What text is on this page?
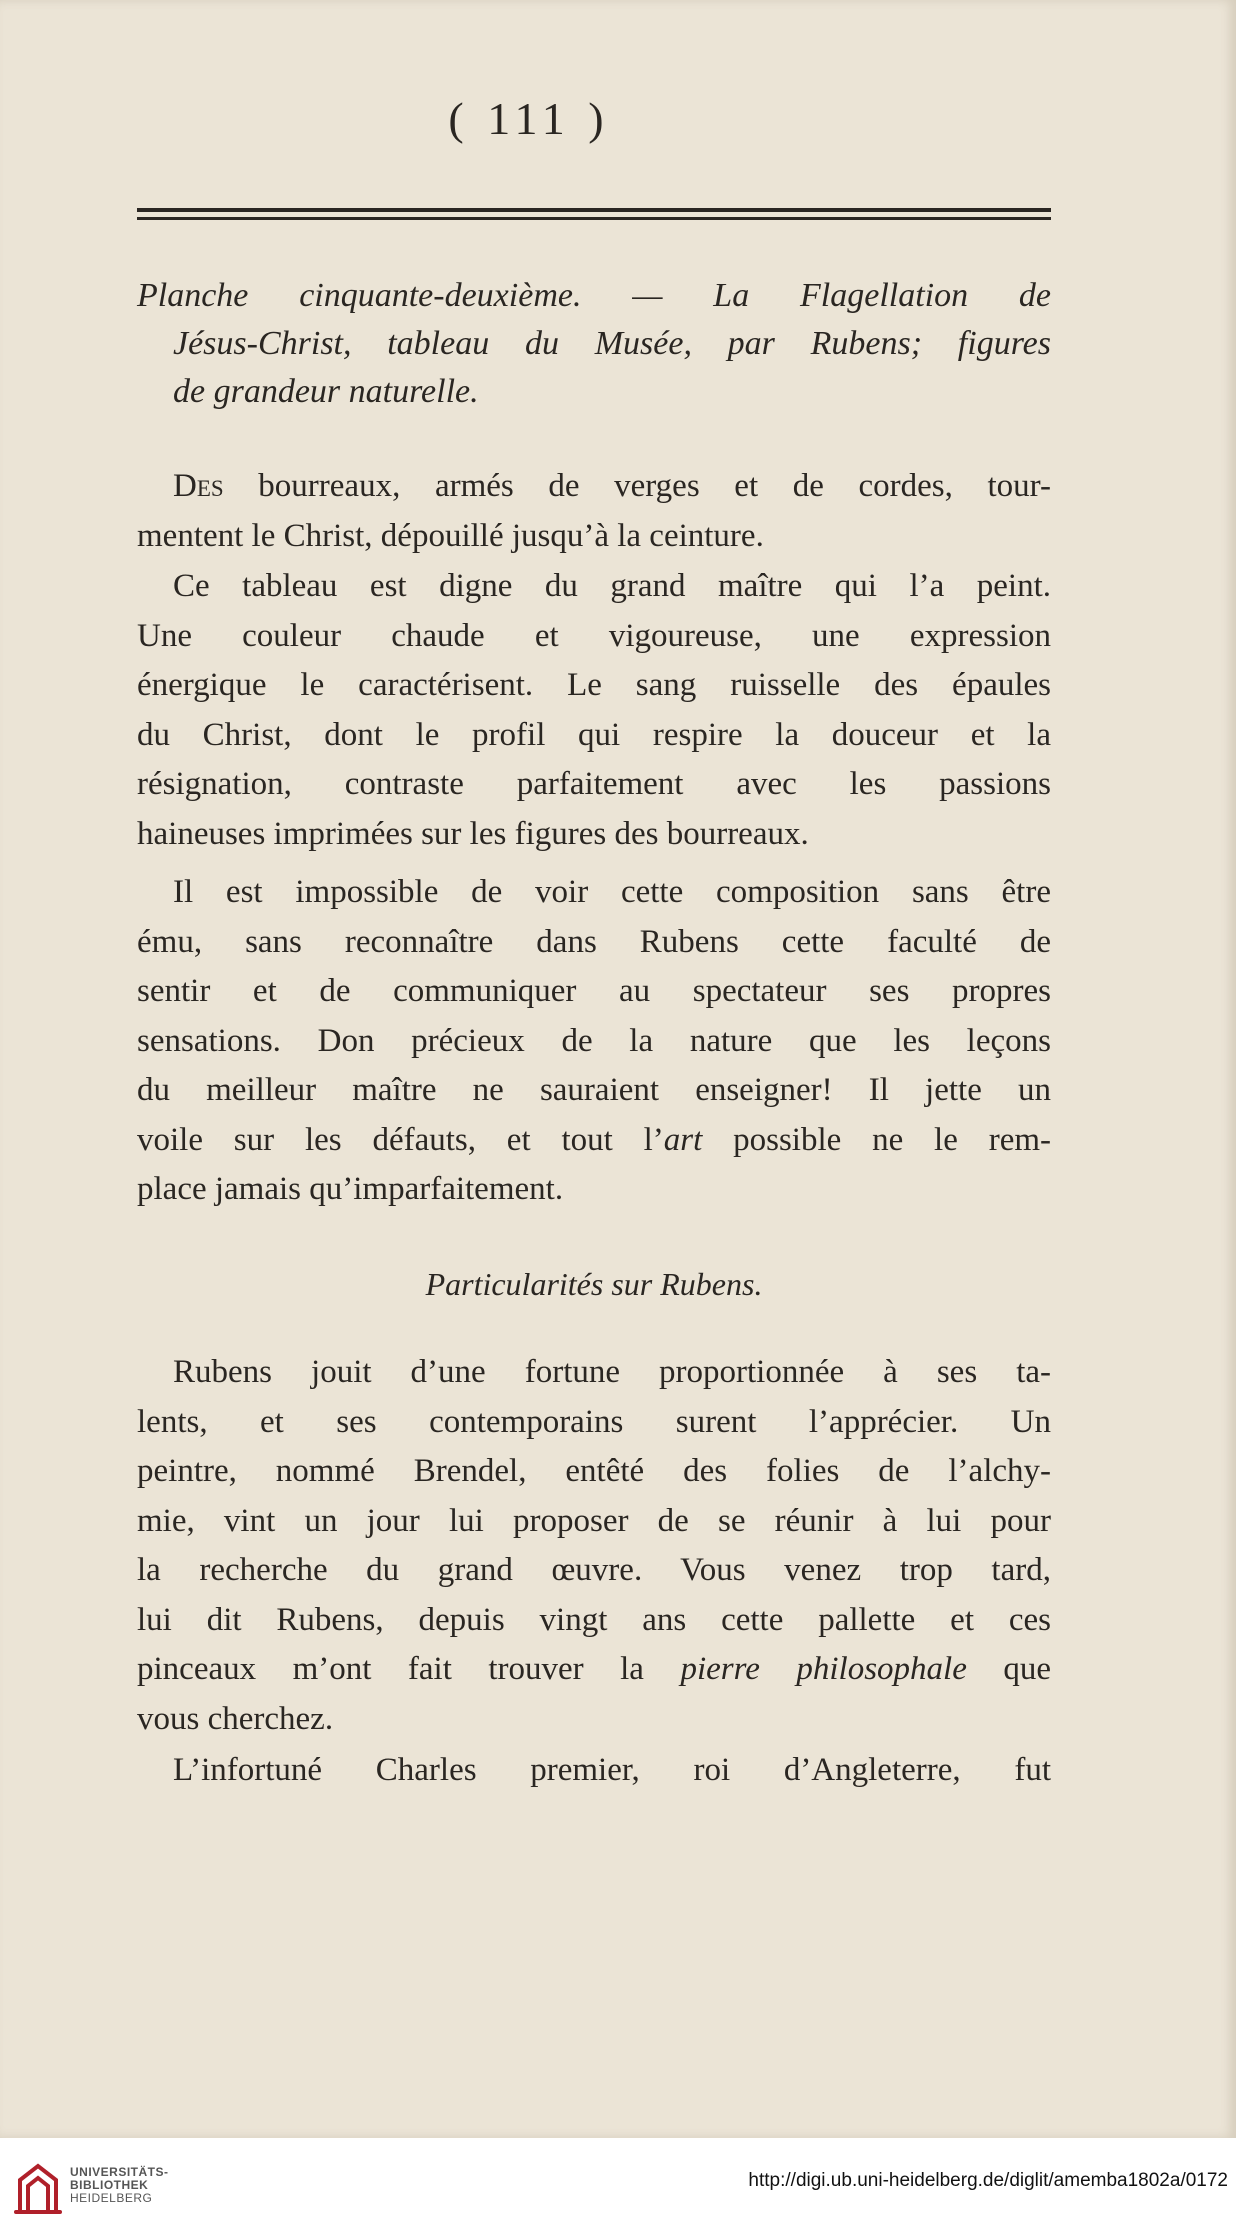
( 111 )
Planche cinquante-deuxième. — La Flagellation de
Jésus-Christ, tableau du Musée, par Rubens; figures
de grandeur naturelle.
Des bourreaux, armés de verges et de cordes, tour-
mentent le Christ, dépouillé jusqu’à la ceinture.
Ce tableau est digne du grand maître qui l’a peint.
Une couleur chaude et vigoureuse, une expression
énergique le caractérisent. Le sang ruisselle des épaules
du Christ, dont le profil qui respire la douceur et la
résignation, contraste parfaitement avec les passions
haineuses imprimées sur les figures des bourreaux.
Il est impossible de voir cette composition sans être
ému, sans reconnaître dans Rubens cette faculté de
sentir et de communiquer au spectateur ses propres
sensations. Don précieux de la nature que les leçons
du meilleur maître ne sauraient enseigner! Il jette un
voile sur les défauts, et tout l’art possible ne le rem-
place jamais qu’imparfaitement.
Particularités sur Rubens.
Rubens jouit d’une fortune proportionnée à ses ta-
lents, et ses contemporains surent l’apprécier. Un
peintre, nommé Brendel, entêté des folies de l’alchy-
mie, vint un jour lui proposer de se réunir à lui pour
la recherche du grand œuvre. Vous venez trop tard,
lui dit Rubens, depuis vingt ans cette pallette et ces
pinceaux m’ont fait trouver la pierre philosophale que
vous cherchez.
L’infortuné Charles premier, roi d’Angleterre, fut
UNIVERSITÄTS-
BIBLIOTHEK
HEIDELBERG
http://digi.ub.uni-heidelberg.de/diglit/amemba1802a/0172
